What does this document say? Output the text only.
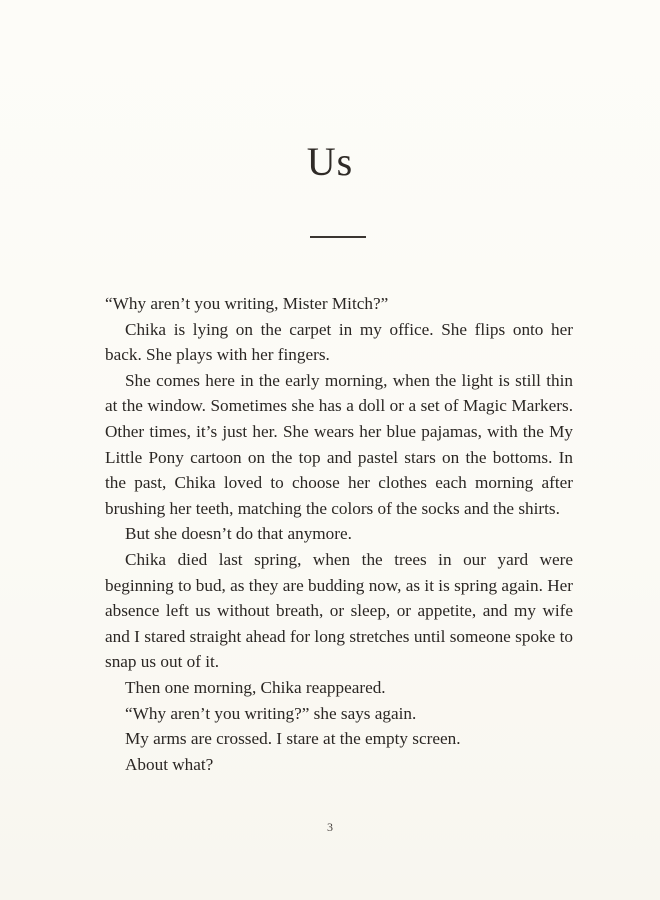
Us

“Why aren’t you writing, Mister Mitch?”

Chika is lying on the carpet in my office. She flips onto her back. She plays with her fingers.

She comes here in the early morning, when the light is still thin at the window. Sometimes she has a doll or a set of Magic Markers. Other times, it’s just her. She wears her blue pajamas, with the My Little Pony cartoon on the top and pastel stars on the bottoms. In the past, Chika loved to choose her clothes each morning after brushing her teeth, matching the colors of the socks and the shirts.

But she doesn’t do that anymore.

Chika died last spring, when the trees in our yard were beginning to bud, as they are budding now, as it is spring again. Her absence left us without breath, or sleep, or appetite, and my wife and I stared straight ahead for long stretches until someone spoke to snap us out of it.

Then one morning, Chika reappeared.

“Why aren’t you writing?” she says again.

My arms are crossed. I stare at the empty screen.

About what?

3
